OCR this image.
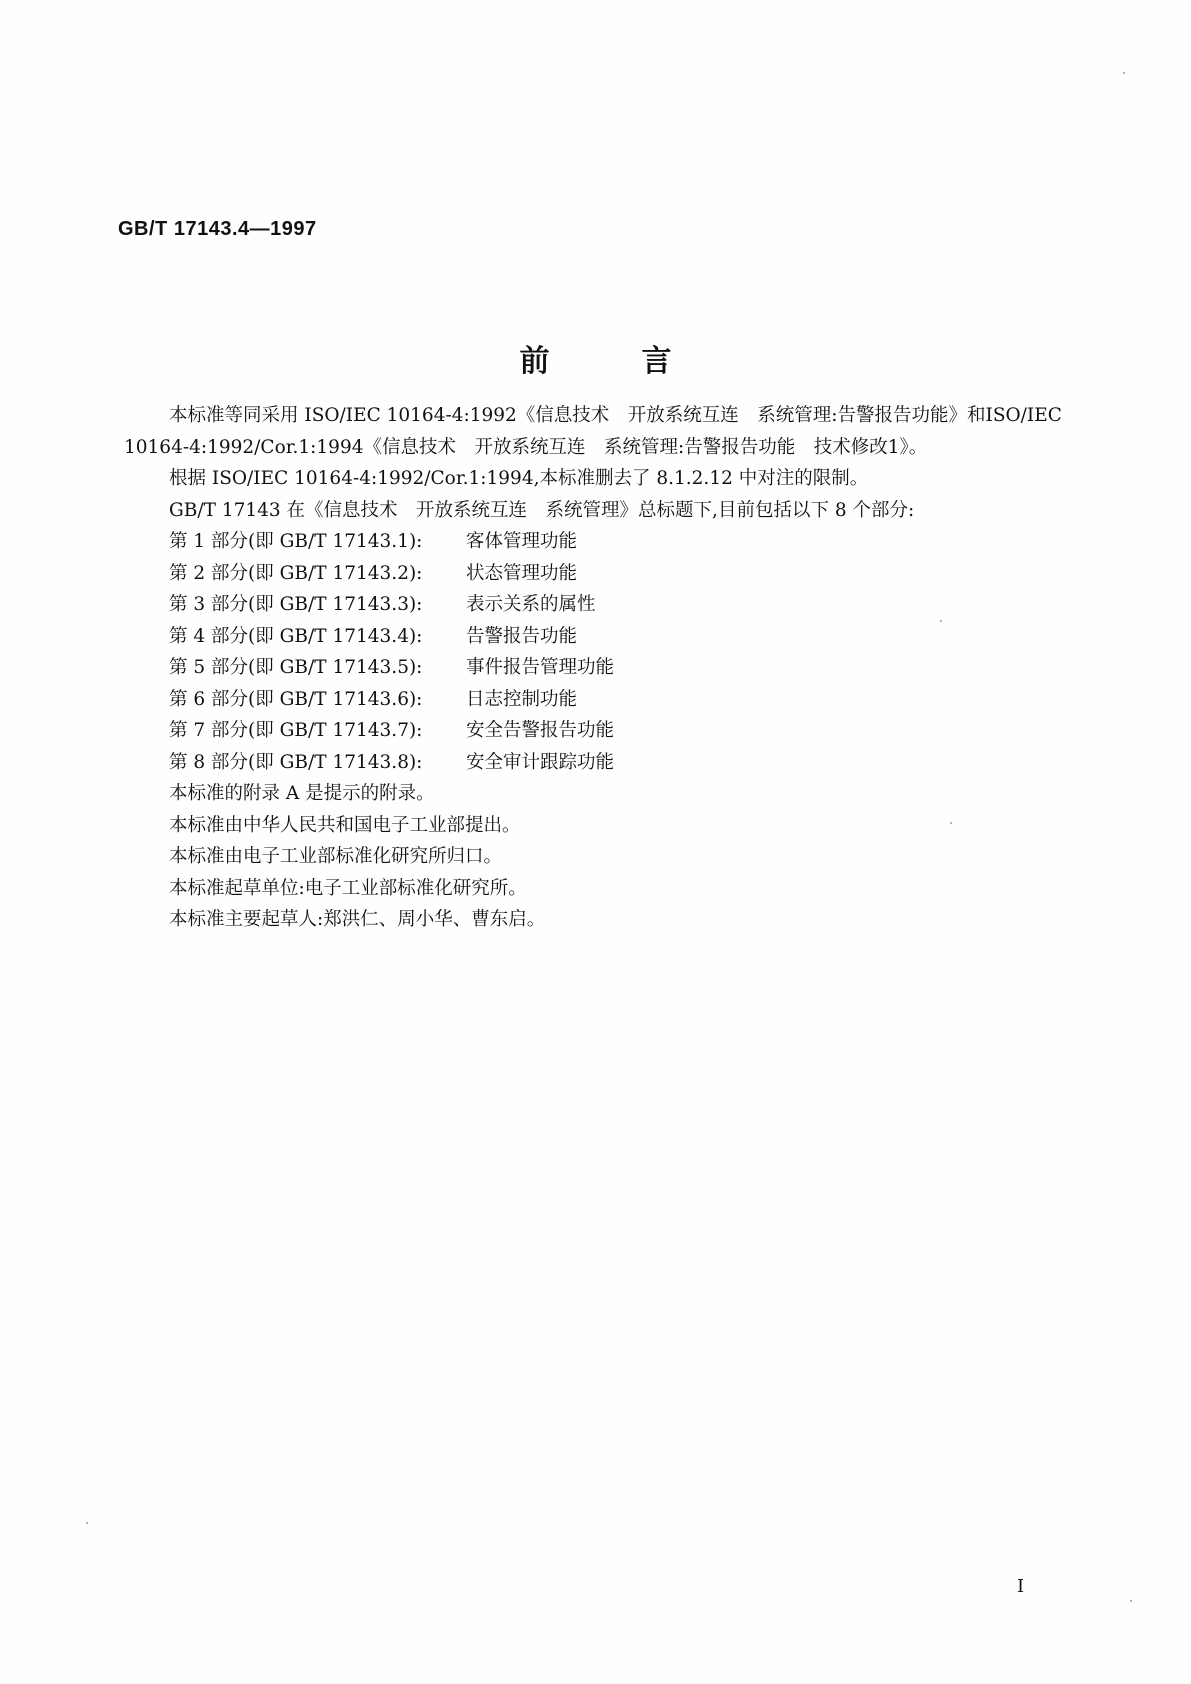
GB/T 17143.4—1997
前言

本标准等同采用 ISO/IEC 10164-4:1992《信息技术　开放系统互连　系统管理:告警报告功能》和ISO/IEC 10164-4:1992/Cor.1:1994《信息技术　开放系统互连　系统管理:告警报告功能　技术修改1》。

根据 ISO/IEC 10164-4:1992/Cor.1:1994,本标准删去了 8.1.2.12 中对注的限制。

GB/T 17143 在《信息技术　开放系统互连　系统管理》总标题下,目前包括以下 8 个部分:

第 1 部分(即 GB/T 17143.1):	客体管理功能
第 2 部分(即 GB/T 17143.2):	状态管理功能
第 3 部分(即 GB/T 17143.3):	表示关系的属性
第 4 部分(即 GB/T 17143.4):	告警报告功能
第 5 部分(即 GB/T 17143.5):	事件报告管理功能
第 6 部分(即 GB/T 17143.6):	日志控制功能
第 7 部分(即 GB/T 17143.7):	安全告警报告功能
第 8 部分(即 GB/T 17143.8):	安全审计跟踪功能

本标准的附录 A 是提示的附录。

本标准由中华人民共和国电子工业部提出。

本标准由电子工业部标准化研究所归口。

本标准起草单位:电子工业部标准化研究所。

本标准主要起草人:郑洪仁、周小华、曹东启。

I
